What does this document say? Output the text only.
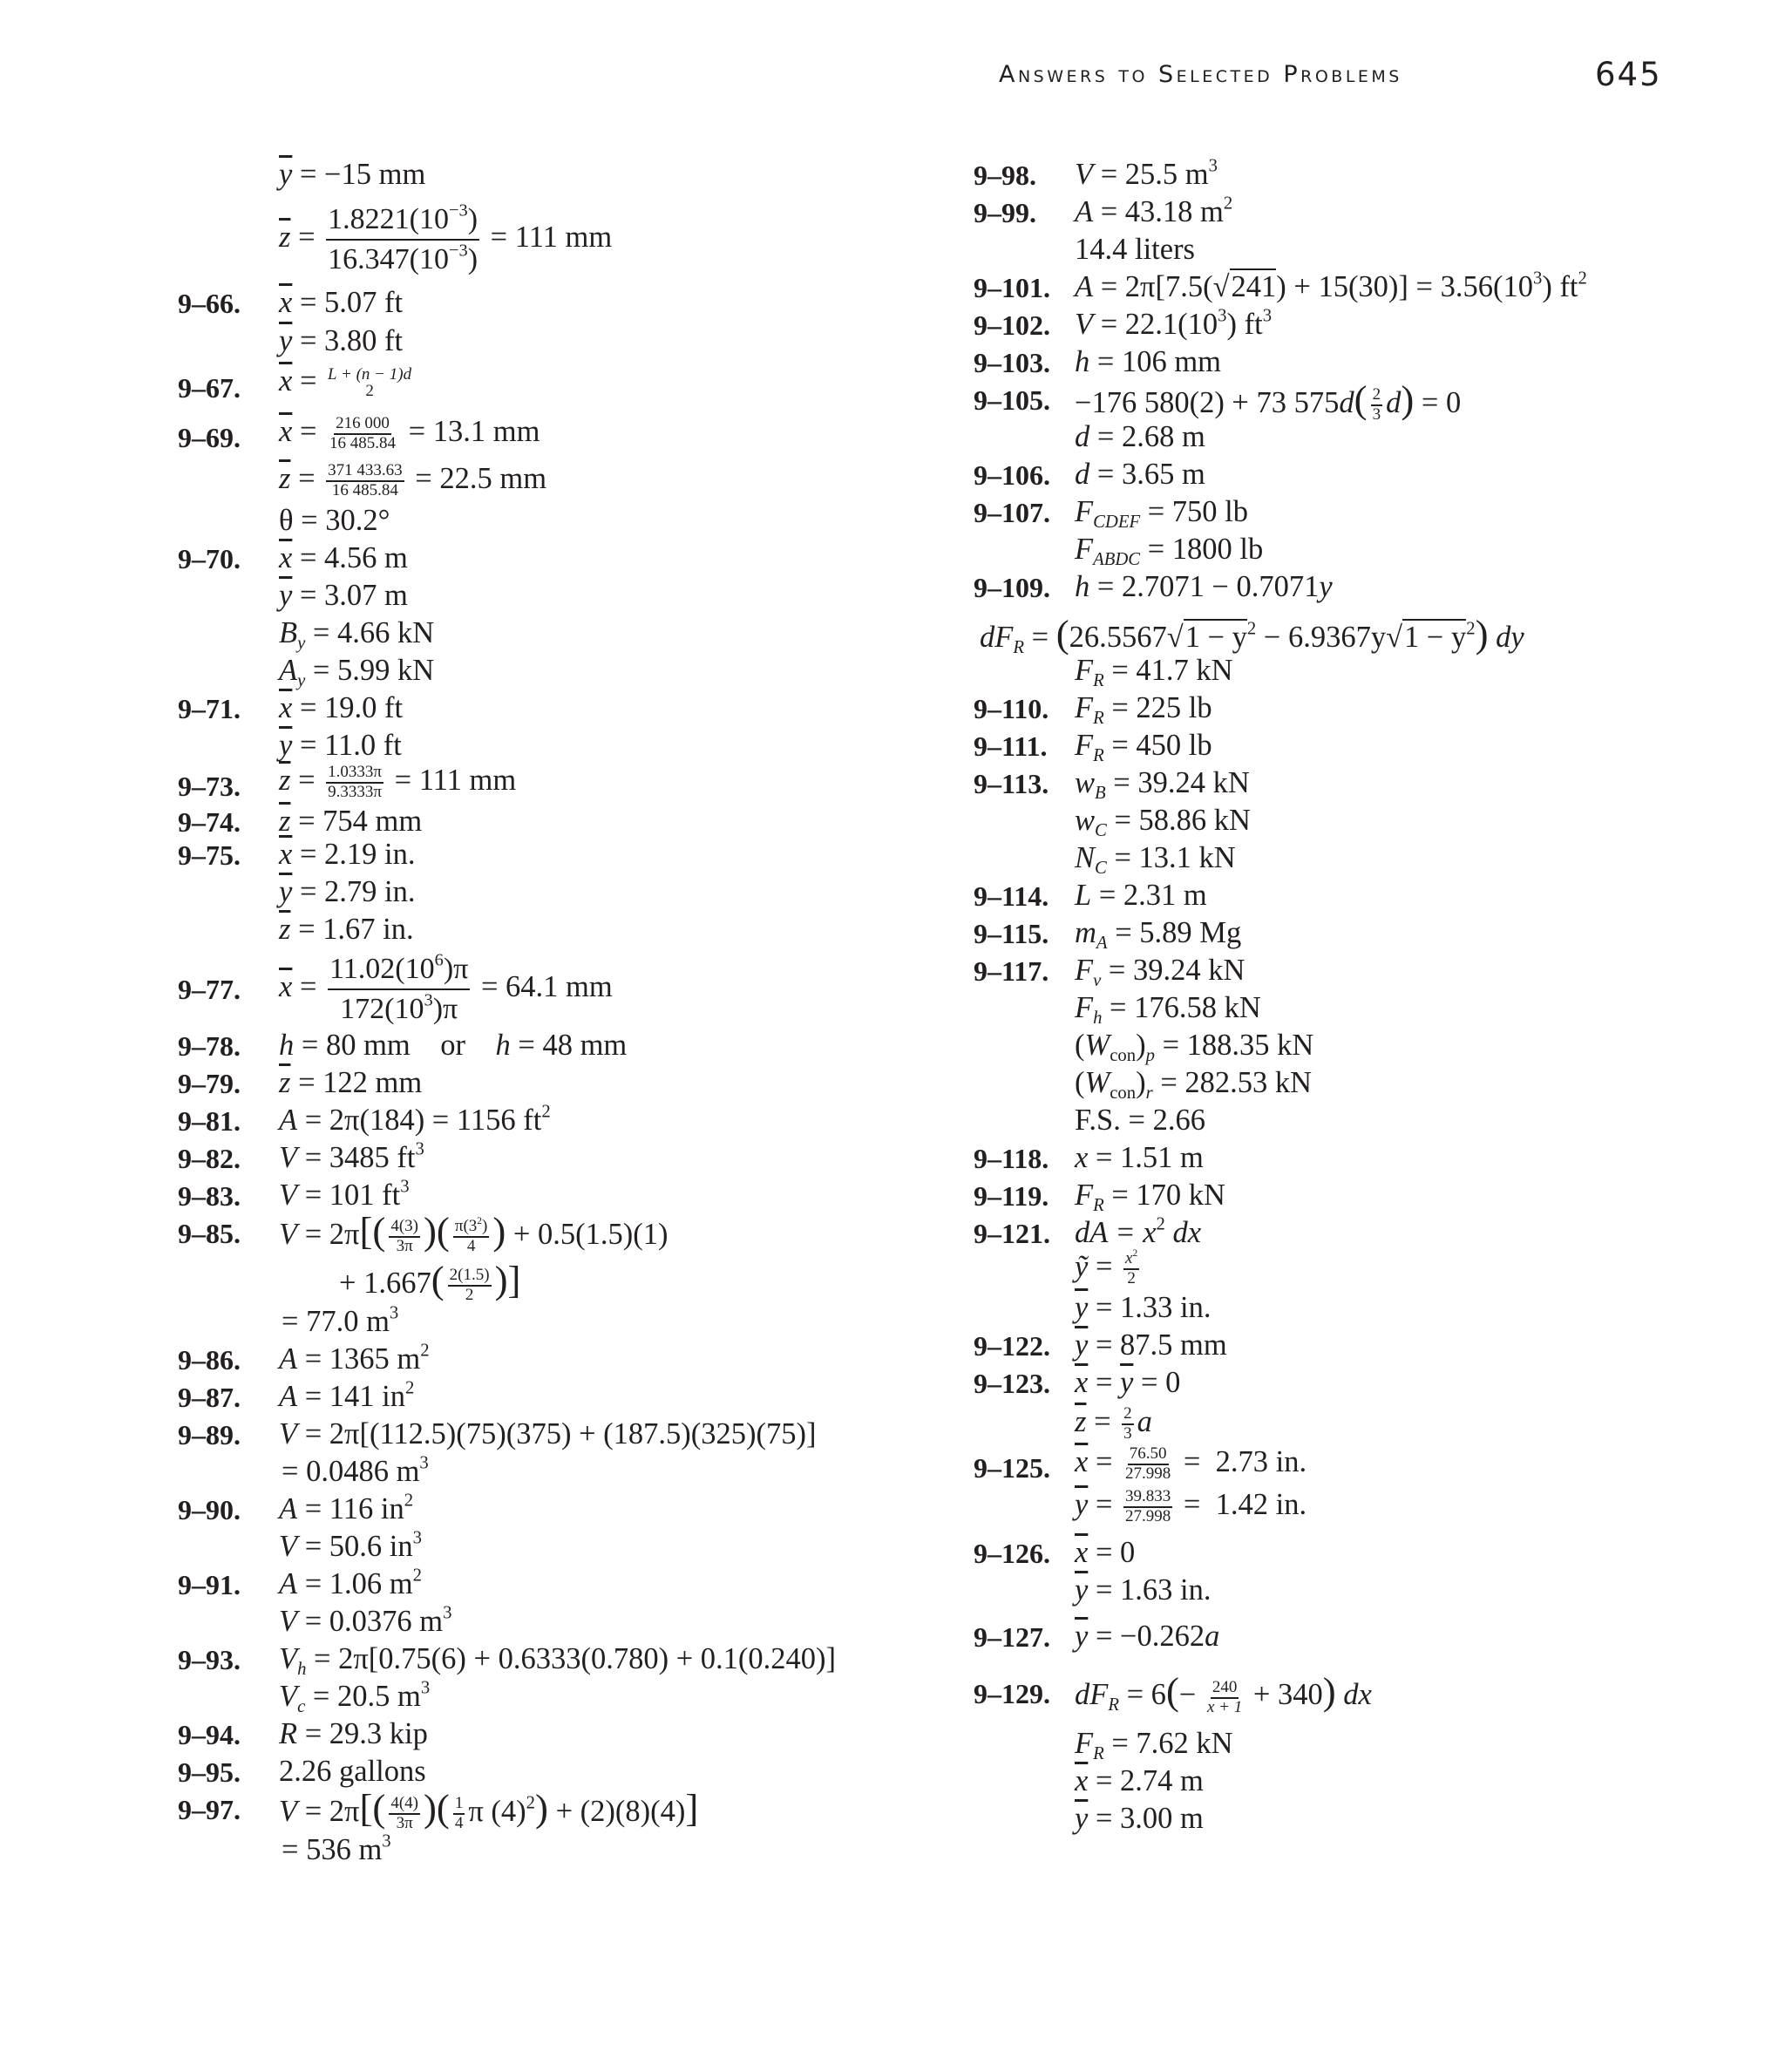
Answers to Selected Problems	645
9–66.
9–67.
9–69.
9–70.
9–71.
9–73.
9–74.
9–75.
9–77.
9–78.
9–79.
9–81.
9–82.
9–83.
9–85.
9–86.
9–87.
9–89.
9–90.
9–91.
9–93.
9–94.
9–95.
9–97.
$\overline{y} = -15$ mm
$\overline{z} = \frac{1.8221(10^{-3})}{16.347(10^{-3})} = 111$ mm
$\overline{x} = 5.07$ ft
$\overline{y} = 3.80$ ft
$\overline{x} = L + (n - 1)d$
2
$\overline{x} = \frac{216 000}{16 485.84} = 13.1$ mm
$\overline{z} = \frac{371 433.63}{16 485.84} = 22.5$ mm
θ = 30.2°
$\overline{x} = 4.56$ m
$\overline{y} = 3.07$ m
$B_y = 4.66$ kN
$A_y = 5.99$ kN
$\overline{x} = 19.0$ ft
$\overline{y} = 11.0$ ft
$\overline{z} = \frac{1.0333\pi}{9.3333\pi} = 111$ mm
$\overline{z} = 754$ mm
$\overline{x} = 2.19$ in.
$\overline{y} = 2.79$ in.
$\overline{z} = 1.67$ in.
$\overline{x} = \frac{11.02(10^6)\pi}{172(10^3)\pi} = 64.1$ mm
h = 80 mm    or    h = 48 mm
$\overline{z} = 122$ mm
A = 2π(184) = 1156 $ft^2$
V = 3485 $ft^3$
V = 101 $ft^3$
$V = 2\pi[( \frac{4(3)}{3\pi}$ )( $\frac{\pi(3^2)}{4}$ ) + 0.5(1.5)(1)
+ $1.667( \frac{2(1.5)}{2}$ )]
= 77.0 $m^3$
A = 1365 $m^2$
A = 141 $in^2$
V = 2π[(112.5)(75)(375) + (187.5)(325)(75)]
= 0.0486 $m^3$
A = 116 $in^2$
V = 50.6 $in^3$
A = 1.06 $m^2$
V = 0.0376 $m^3$
$V_h = 2\pi[0.75(6) + 0.6333(0.780) + 0.1(0.240)]$
$V_c = 20.5$ $m^3$
R = 29.3 kip
2.26 gallons
$V = 2\pi[( \frac{4(4)}{3\pi}$ )( $\frac{1}{4}$ π $(4)^2) + (2)(8)(4)$]
= 536 $m^3$
9–98.
9–99.
9–101.
9–102.
9–103.
9–105.
9–106.
9–107.
9–109.
9–110.
9–111.
9–113.
9–114.
9–115.
9–117.
9–118.
9–119.
9–121.
9–122.
9–123.
9–125.
9–126.
9–127.
9–129.
V = 25.5 $m^3$
A = 43.18 $m^2$
14.4 liters
$A = 2\pi[7.5(√241) + 15(30)] = 3.56(10^3)$ $ft^2$
$V = 22.1(10^3)$ $ft^3$
h = 106 mm
−176 580(2) + 73 $575d( \frac{2}{3} d) = 0$
d = 2.68 m
d = 3.65 m
$F_{CDEF} = 750$ lb
$F_{ABDC} = 1800$ lb
h = 2.7071 − 0.7071y
$dF_R = (26.5567√1 - y^2 - 6.9367y√1 - y^2)$ dy
$F_R = 41.7$ kN
$F_R = 225$ lb
$F_R = 450$ lb
$w_B = 39.24$ kN
$w_C = 58.86$ kN
$N_C = 13.1$ kN
L = 2.31 m
$m_A = 5.89$ Mg
$F_v = 39.24$ kN
$F_h = 176.58$ kN
$(W_{con})_p = 188.35$ kN
$(W_{con})_r = 282.53$ kN
F.S. = 2.66
x = 1.51 m
$F_R = 170$ kN
dA = $x^2$ dx
ỹ = $\frac{x^2}{2}$
$\overline{y} = 1.33$ in.
$\overline{y} = 87.5$ mm
$\overline{x} = \overline{y} = 0$
$\overline{z} = \frac{2}{3}$ a
$\overline{x} = \frac{76.50}{27.998} = 2.73$ in.
$\overline{y} = \frac{39.833}{27.998} = 1.42$ in.
$\overline{x} = 0$
$\overline{y} = 1.63$ in.
$\overline{y} = -0.262a$
$dF_R = 6(- \frac{240}{x + 1} + 340)$ dx
$F_R = 7.62$ kN
$\overline{x} = 2.74$ m
$\overline{y} = 3.00$ m
